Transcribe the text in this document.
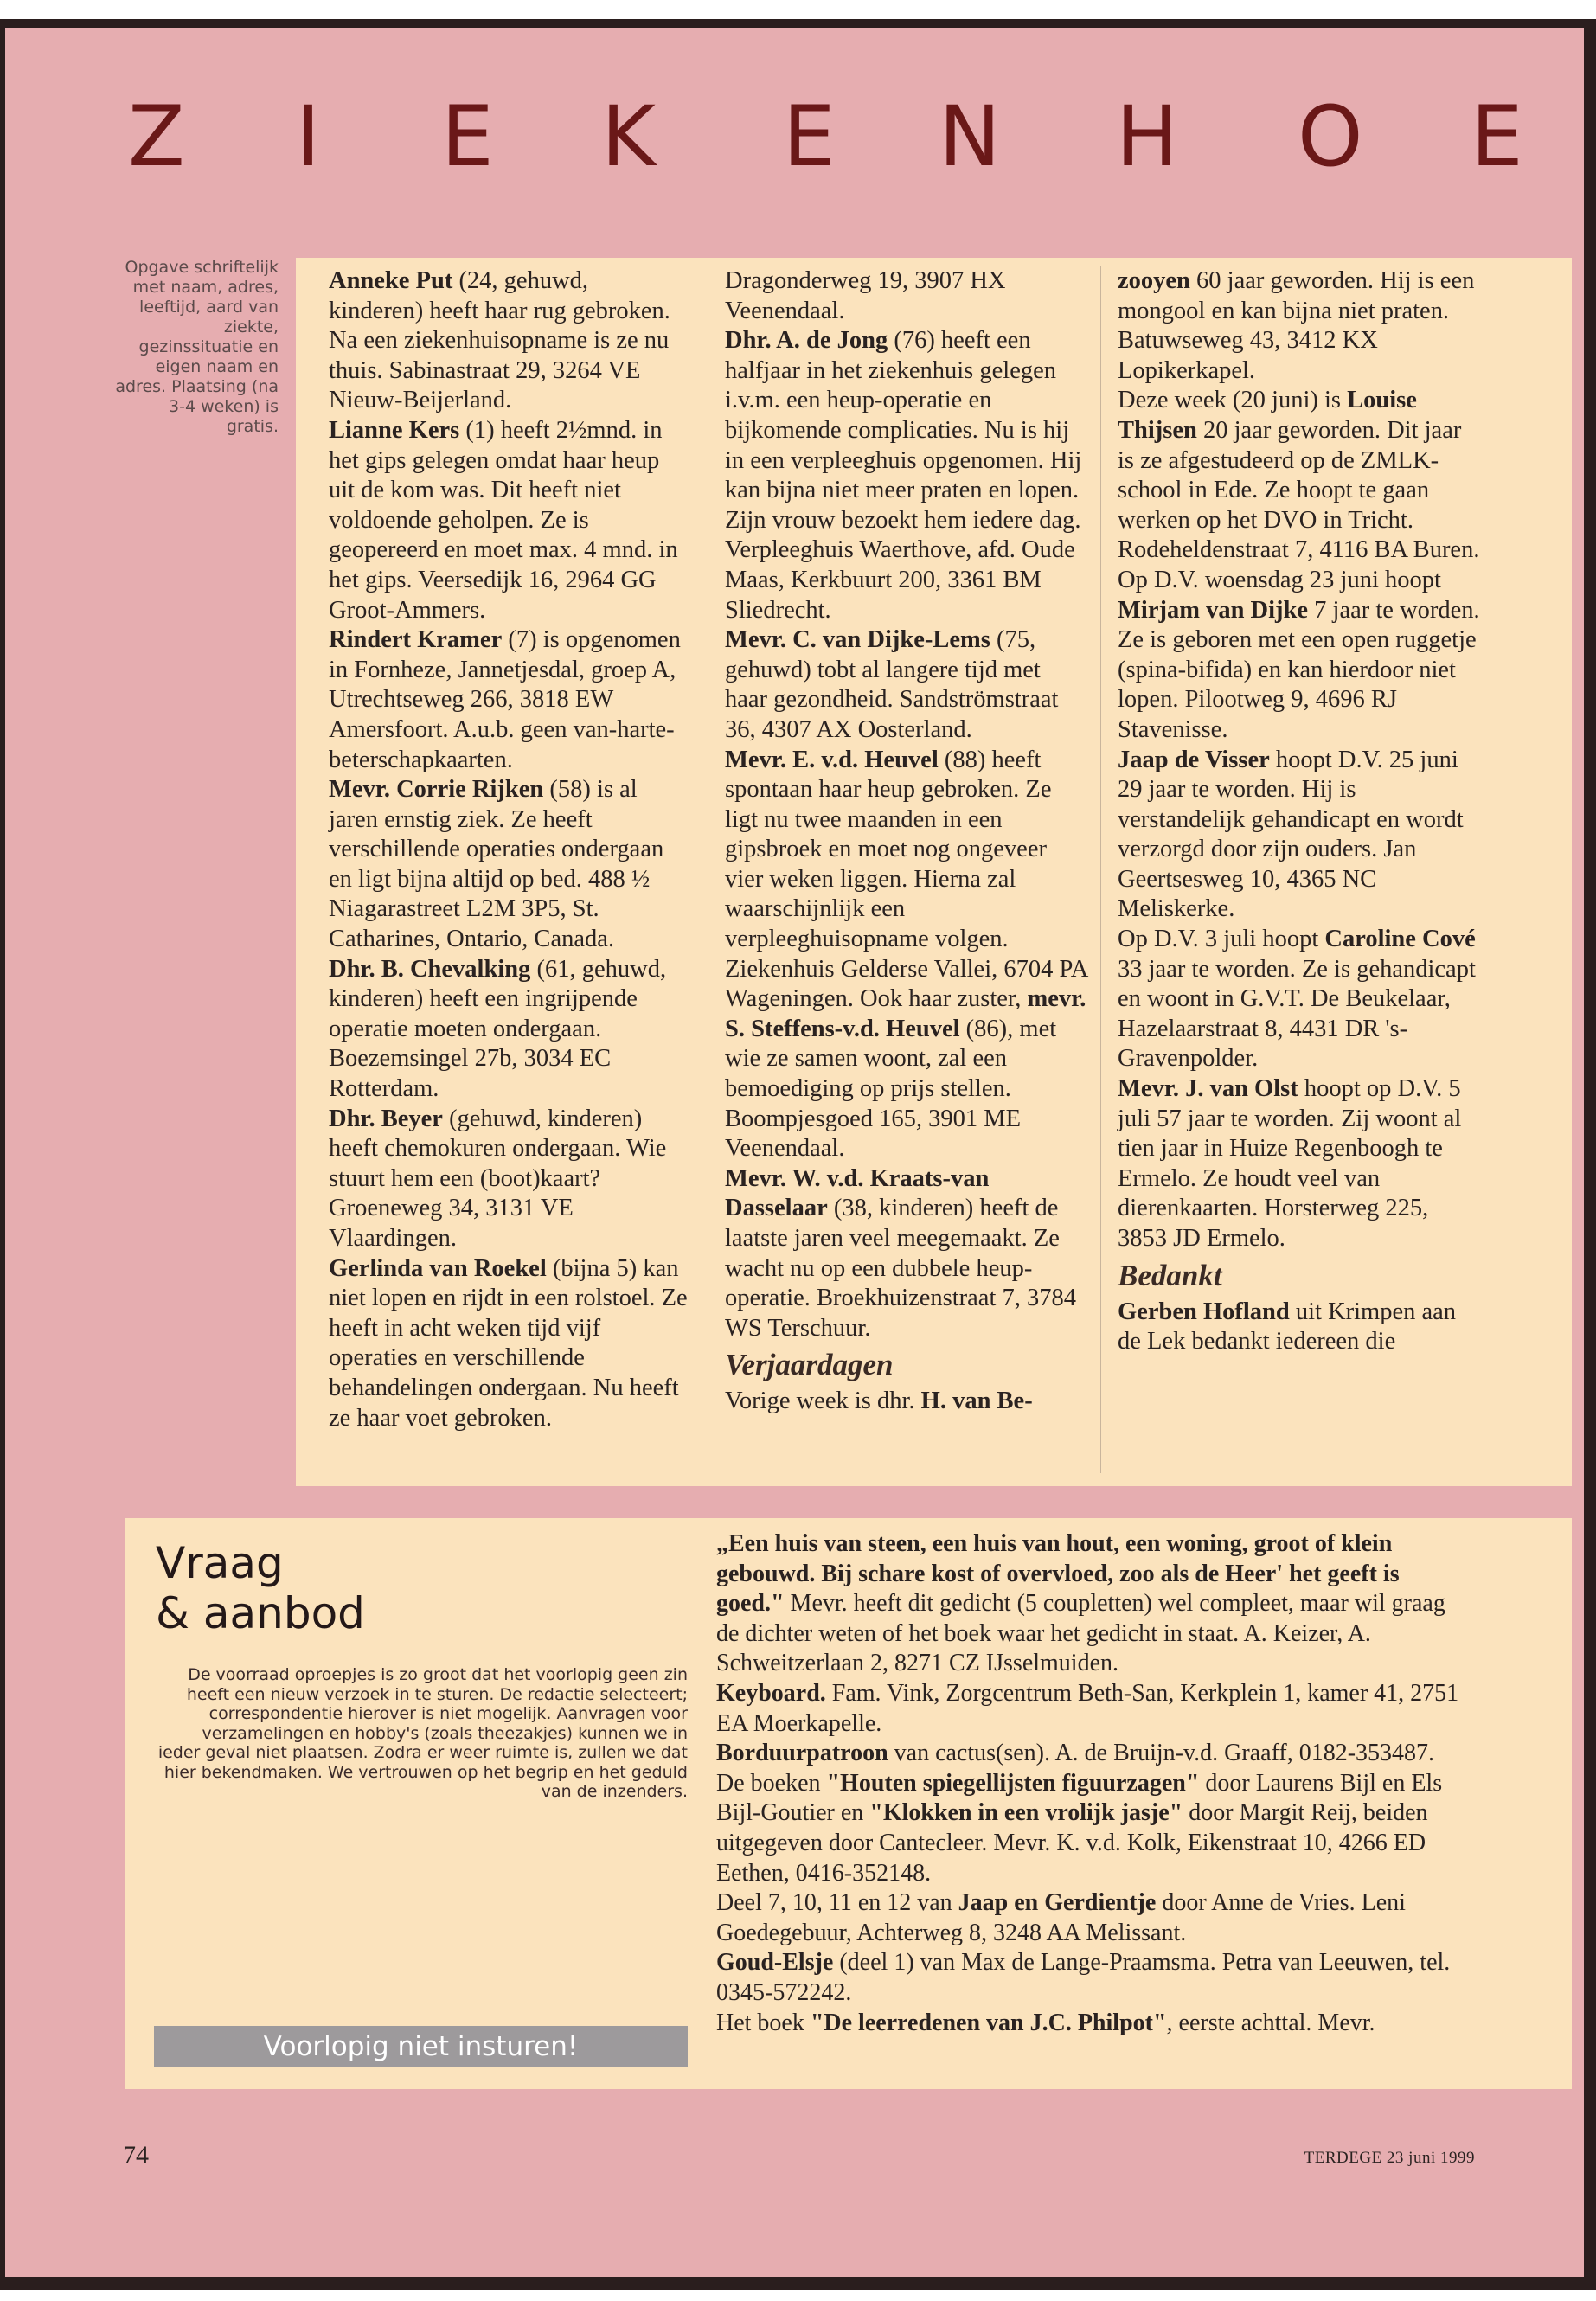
Z I E K E N H O E
Opgave schriftelijk met naam, adres, leeftijd, aard van ziekte, gezinssituatie en eigen naam en adres. Plaatsing (na 3-4 weken) is gratis.

Anneke Put (24, gehuwd, kinderen) heeft haar rug gebroken. Na een ziekenhuisopname is ze nu thuis. Sabinastraat 29, 3264 VE Nieuw-Beijerland.

Lianne Kers (1) heeft 2½mnd. in het gips gelegen omdat haar heup uit de kom was. Dit heeft niet voldoende geholpen. Ze is geopereerd en moet max. 4 mnd. in het gips. Veersedijk 16, 2964 GG Groot-Ammers.

Rindert Kramer (7) is opgenomen in Fornheze, Jannetjesdal, groep A, Utrechtseweg 266, 3818 EW Amersfoort. A.u.b. geen van-harte-beterschapkaarten.

Mevr. Corrie Rijken (58) is al jaren ernstig ziek. Ze heeft verschillende operaties ondergaan en ligt bijna altijd op bed. 488 ½ Niagarastreet L2M 3P5, St. Catharines, Ontario, Canada.

Dhr. B. Chevalking (61, gehuwd, kinderen) heeft een ingrijpende operatie moeten ondergaan. Boezemsingel 27b, 3034 EC Rotterdam.

Dhr. Beyer (gehuwd, kinderen) heeft chemokuren ondergaan. Wie stuurt hem een (boot)kaart? Groeneweg 34, 3131 VE Vlaardingen.

Gerlinda van Roekel (bijna 5) kan niet lopen en rijdt in een rolstoel. Ze heeft in acht weken tijd vijf operaties en verschillende behandelingen ondergaan. Nu heeft ze haar voet gebroken.

Dragonderweg 19, 3907 HX Veenendaal.

Dhr. A. de Jong (76) heeft een halfjaar in het ziekenhuis gelegen i.v.m. een heup-operatie en bijkomende complicaties. Nu is hij in een verpleeghuis opgenomen. Hij kan bijna niet meer praten en lopen. Zijn vrouw bezoekt hem iedere dag. Verpleeghuis Waerthove, afd. Oude Maas, Kerkbuurt 200, 3361 BM Sliedrecht.

Mevr. C. van Dijke-Lems (75, gehuwd) tobt al langere tijd met haar gezondheid. Sandströmstraat 36, 4307 AX Oosterland.

Mevr. E. v.d. Heuvel (88) heeft spontaan haar heup gebroken. Ze ligt nu twee maanden in een gipsbroek en moet nog ongeveer vier weken liggen. Hierna zal waarschijnlijk een verpleeghuisopname volgen. Ziekenhuis Gelderse Vallei, 6704 PA Wageningen. Ook haar zuster, mevr. S. Steffens-v.d. Heuvel (86), met wie ze samen woont, zal een bemoediging op prijs stellen. Boompjesgoed 165, 3901 ME Veenendaal.

Mevr. W. v.d. Kraats-van Dasselaar (38, kinderen) heeft de laatste jaren veel meegemaakt. Ze wacht nu op een dubbele heup-operatie. Broekhuizenstraat 7, 3784 WS Terschuur.

Verjaardagen

Vorige week is dhr. H. van Be-

zooyen 60 jaar geworden. Hij is een mongool en kan bijna niet praten. Batuwseweg 43, 3412 KX Lopikerkapel.

Deze week (20 juni) is Louise Thijsen 20 jaar geworden. Dit jaar is ze afgestudeerd op de ZMLK-school in Ede. Ze hoopt te gaan werken op het DVO in Tricht. Rodeheldenstraat 7, 4116 BA Buren.

Op D.V. woensdag 23 juni hoopt Mirjam van Dijke 7 jaar te worden. Ze is geboren met een open ruggetje (spina-bifida) en kan hierdoor niet lopen. Pilootweg 9, 4696 RJ Stavenisse.

Jaap de Visser hoopt D.V. 25 juni 29 jaar te worden. Hij is verstandelijk gehandicapt en wordt verzorgd door zijn ouders. Jan Geertsesweg 10, 4365 NC Meliskerke.

Op D.V. 3 juli hoopt Caroline Cové 33 jaar te worden. Ze is gehandicapt en woont in G.V.T. De Beukelaar, Hazelaarstraat 8, 4431 DR 's-Gravenpolder.

Mevr. J. van Olst hoopt op D.V. 5 juli 57 jaar te worden. Zij woont al tien jaar in Huize Regenboogh te Ermelo. Ze houdt veel van dierenkaarten. Horsterweg 225, 3853 JD Ermelo.

Bedankt

Gerben Hofland uit Krimpen aan de Lek bedankt iedereen die

Vraag
& aanbod
De voorraad oproepjes is zo groot dat het voorlopig geen zin heeft een nieuw verzoek in te sturen. De redactie selecteert; correspondentie hierover is niet mogelijk. Aanvragen voor verzamelingen en hobby's (zoals theezakjes) kunnen we in ieder geval niet plaatsen. Zodra er weer ruimte is, zullen we dat hier bekendmaken. We vertrouwen op het begrip en het geduld van de inzenders.
Voorlopig niet insturen!

„Een huis van steen, een huis van hout, een woning, groot of klein gebouwd. Bij schare kost of overvloed, zoo als de Heer' het geeft is goed." Mevr. heeft dit gedicht (5 coupletten) wel compleet, maar wil graag de dichter weten of het boek waar het gedicht in staat. A. Keizer, A. Schweitzerlaan 2, 8271 CZ IJsselmuiden.

Keyboard. Fam. Vink, Zorgcentrum Beth-San, Kerkplein 1, kamer 41, 2751 EA Moerkapelle.

Borduurpatroon van cactus(sen). A. de Bruijn-v.d. Graaff, 0182-353487.

De boeken "Houten spiegellijsten figuurzagen" door Laurens Bijl en Els Bijl-Goutier en "Klokken in een vrolijk jasje" door Margit Reij, beiden uitgegeven door Cantecleer. Mevr. K. v.d. Kolk, Eikenstraat 10, 4266 ED Eethen, 0416-352148.

Deel 7, 10, 11 en 12 van Jaap en Gerdientje door Anne de Vries. Leni Goedegebuur, Achterweg 8, 3248 AA Melissant.

Goud-Elsje (deel 1) van Max de Lange-Praamsma. Petra van Leeuwen, tel. 0345-572242.

Het boek "De leerredenen van J.C. Philpot", eerste achttal. Mevr.

74	TERDEGE 23 juni 1999
